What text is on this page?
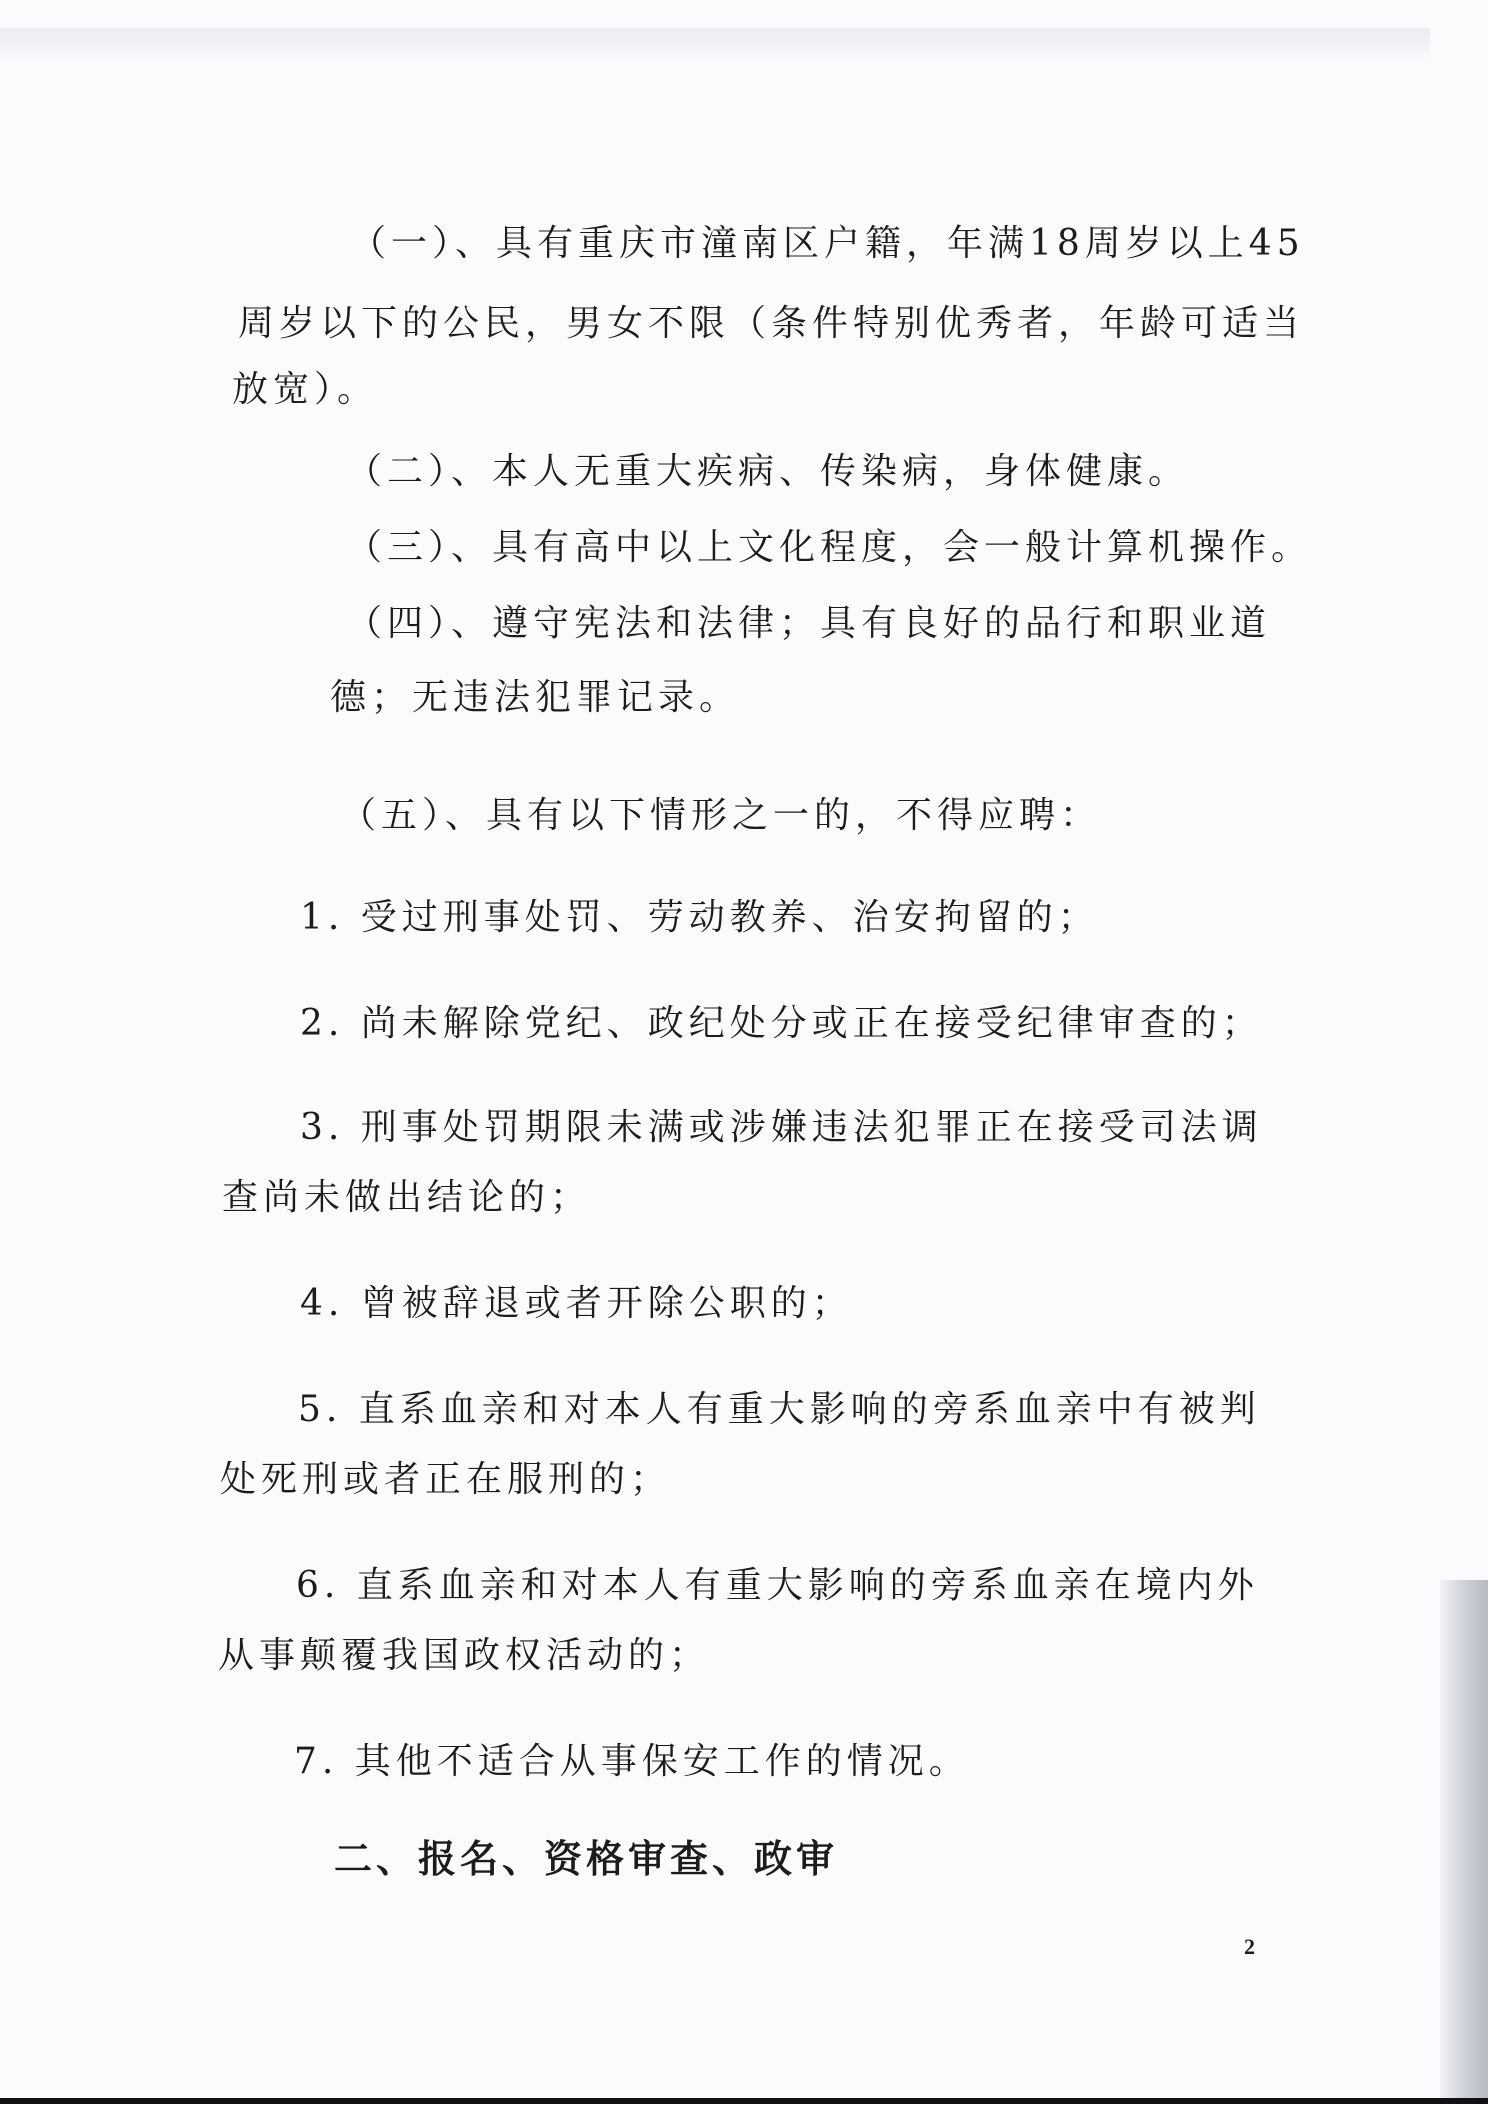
（一）、具有重庆市潼南区户籍，年满18周岁以上45
周岁以下的公民，男女不限（条件特别优秀者，年龄可适当
放宽）。
（二）、本人无重大疾病、传染病，身体健康。
（三）、具有高中以上文化程度，会一般计算机操作。
（四）、遵守宪法和法律；具有良好的品行和职业道
德；无违法犯罪记录。
（五）、具有以下情形之一的，不得应聘：
1. 受过刑事处罚、劳动教养、治安拘留的；
2. 尚未解除党纪、政纪处分或正在接受纪律审查的；
3. 刑事处罚期限未满或涉嫌违法犯罪正在接受司法调
查尚未做出结论的；
4. 曾被辞退或者开除公职的；
5. 直系血亲和对本人有重大影响的旁系血亲中有被判
处死刑或者正在服刑的；
6. 直系血亲和对本人有重大影响的旁系血亲在境内外
从事颠覆我国政权活动的；
7. 其他不适合从事保安工作的情况。
二、报名、资格审查、政审
2
